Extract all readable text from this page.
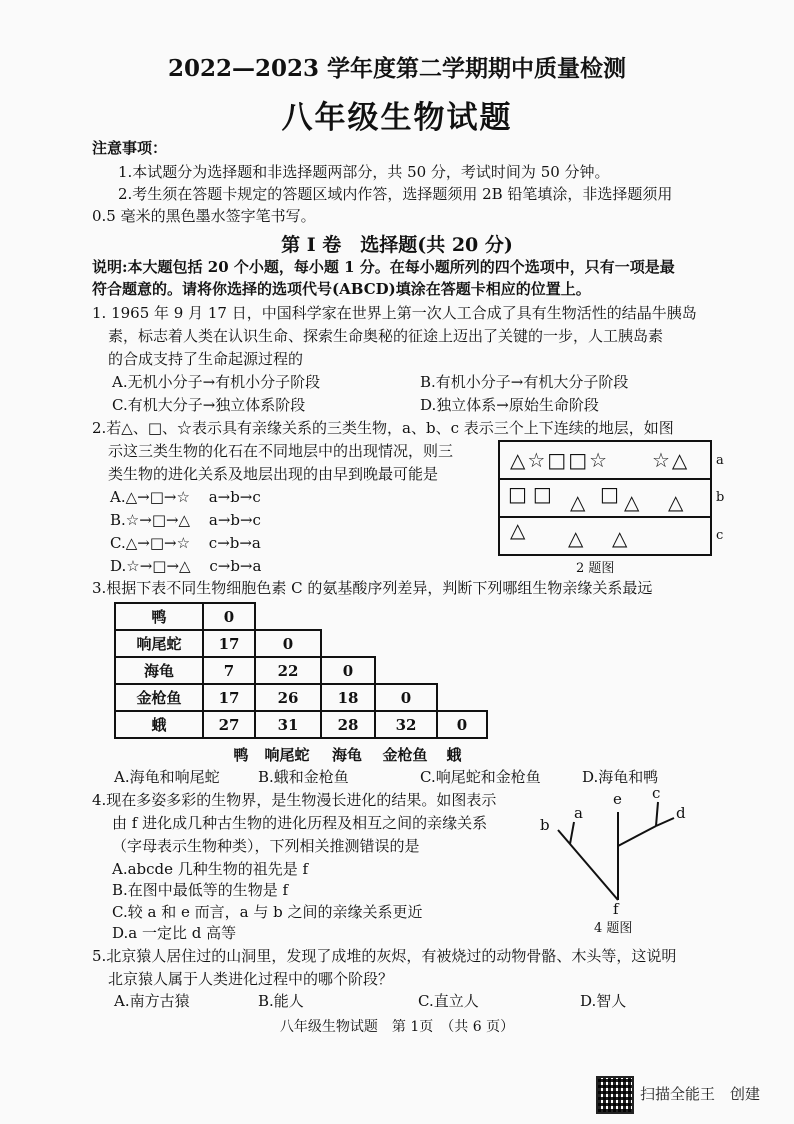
2022—2023 学年度第二学期期中质量检测
八年级生物试题
注意事项：
1.本试题分为选择题和非选择题两部分，共 50 分，考试时间为 50 分钟。
2.考生须在答题卡规定的答题区域内作答，选择题须用 2B 铅笔填涂，非选择题须用
0.5 毫米的黑色墨水签字笔书写。
第 I 卷　选择题(共 20 分)
说明:本大题包括 20 个小题，每小题 1 分。在每小题所列的四个选项中，只有一项是最
符合题意的。请将你选择的选项代号(ABCD)填涂在答题卡相应的位置上。
1. 1965 年 9 月 17 日，中国科学家在世界上第一次人工合成了具有生物活性的结晶牛胰岛
素，标志着人类在认识生命、探索生命奥秘的征途上迈出了关键的一步，人工胰岛素
的合成支持了生命起源过程的
A.无机小分子→有机小分子阶段	B.有机小分子→有机大分子阶段
C.有机大分子→独立体系阶段	D.独立体系→原始生命阶段
2.若△、□、☆表示具有亲缘关系的三类生物，a、b、c 表示三个上下连续的地层，如图
示这三类生物的化石在不同地层中的出现情况，则三
类生物的进化关系及地层出现的由早到晚最可能是
A.△→□→☆ a→b→c
B.☆→□→△ a→b→c
C.△→□→☆ c→b→a
D.☆→□→△ c→b→a
△☆□□☆ ☆△ a
□□ △ □ △ △	b
△ △ △	c
2 题图
3.根据下表不同生物细胞色素 C 的氨基酸序列差异，判断下列哪组生物亲缘关系最远
鸭	0				
响尾蛇	17	0			
海龟	7	22	0		
金枪鱼	17	26	18	0	
蛾	27	31	28	32	0
鸭	响尾蛇	海龟	金枪鱼	蛾
A.海龟和响尾蛇	B.蛾和金枪鱼	C.响尾蛇和金枪鱼	D.海龟和鸭
4.现在多姿多彩的生物界，是生物漫长进化的结果。如图表示
由 f 进化成几种古生物的进化历程及相互之间的亲缘关系
（字母表示生物种类），下列相关推测错误的是
A.abcde 几种生物的祖先是 f
B.在图中最低等的生物是 f
C.较 a 和 e 而言，a 与 b 之间的亲缘关系更近
D.a 一定比 d 高等
a
b
c
d
e
f
4 题图
5.北京猿人居住过的山洞里，发现了成堆的灰烬，有被烧过的动物骨骼、木头等，这说明
北京猿人属于人类进化过程中的哪个阶段？
A.南方古猿	B.能人	C.直立人	D.智人
八年级生物试题　第 1页　（共 6 页）
扫描全能王　创建
